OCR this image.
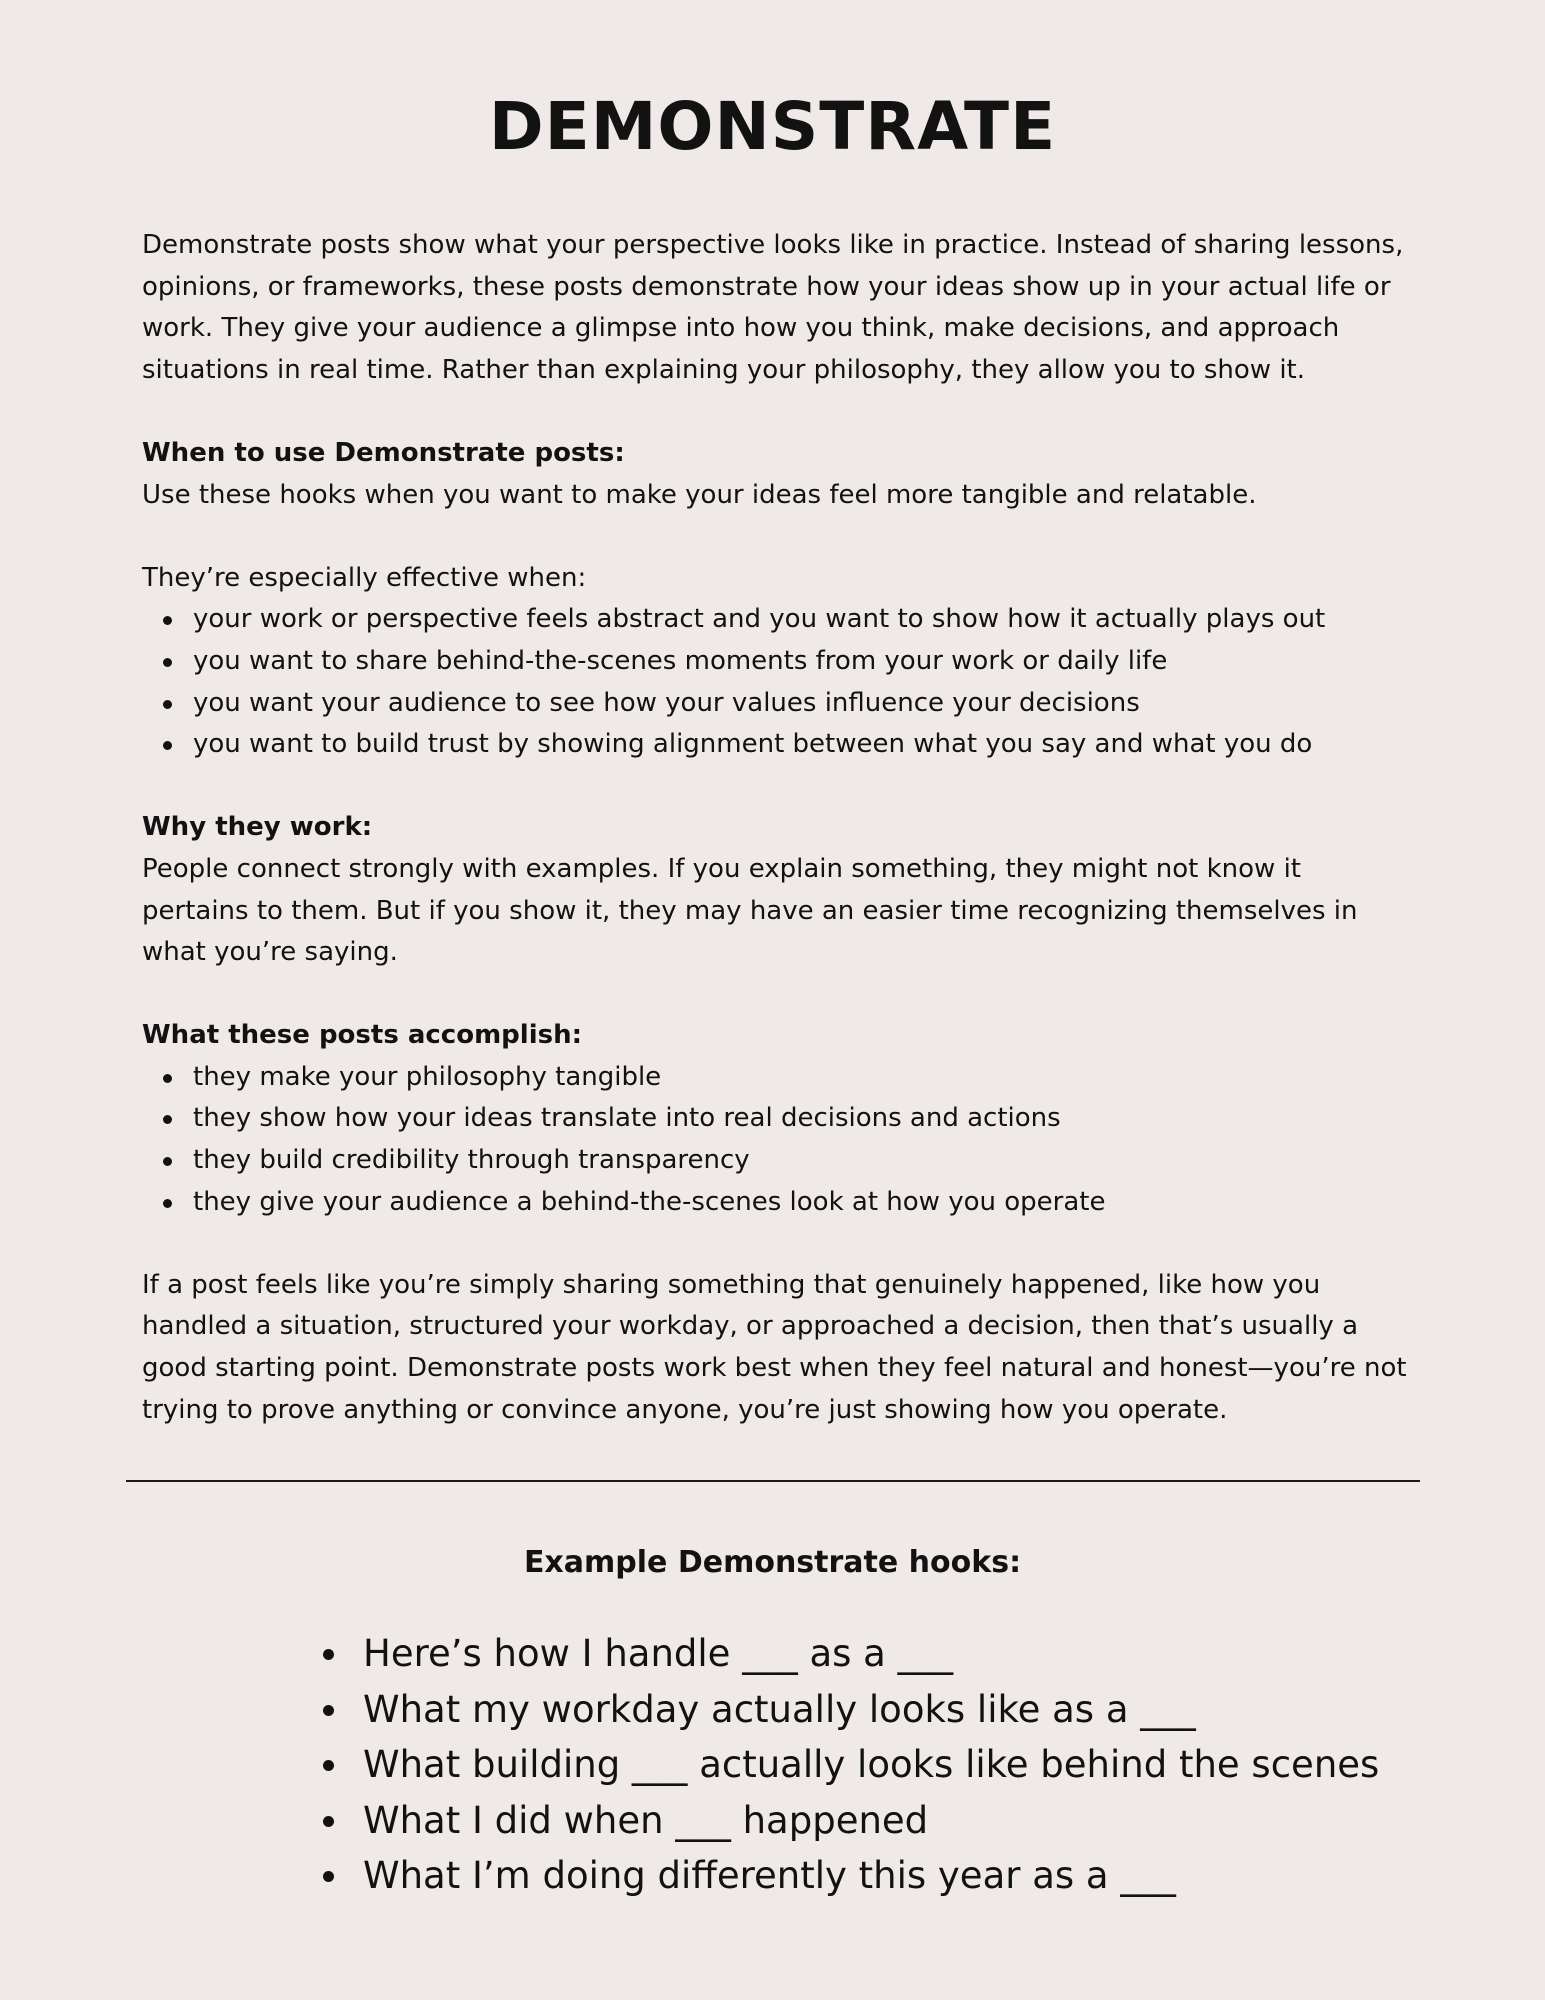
DEMONSTRATE

Demonstrate posts show what your perspective looks like in practice. Instead of sharing lessons, opinions, or frameworks, these posts demonstrate how your ideas show up in your actual life or work. They give your audience a glimpse into how you think, make decisions, and approach situations in real time. Rather than explaining your philosophy, they allow you to show it.

When to use Demonstrate posts:

Use these hooks when you want to make your ideas feel more tangible and relatable.

They’re especially effective when:

your work or perspective feels abstract and you want to show how it actually plays out
you want to share behind-the-scenes moments from your work or daily life
you want your audience to see how your values influence your decisions
you want to build trust by showing alignment between what you say and what you do

Why they work:

People connect strongly with examples. If you explain something, they might not know it pertains to them. But if you show it, they may have an easier time recognizing themselves in what you’re saying.

What these posts accomplish:

they make your philosophy tangible
they show how your ideas translate into real decisions and actions
they build credibility through transparency
they give your audience a behind-the-scenes look at how you operate

If a post feels like you’re simply sharing something that genuinely happened, like how you handled a situation, structured your workday, or approached a decision, then that’s usually a good starting point. Demonstrate posts work best when they feel natural and honest—you’re not trying to prove anything or convince anyone, you’re just showing how you operate.

Example Demonstrate hooks:
Here’s how I handle ___ as a ___
What my workday actually looks like as a ___
What building ___ actually looks like behind the scenes
What I did when ___ happened
What I’m doing differently this year as a ___
